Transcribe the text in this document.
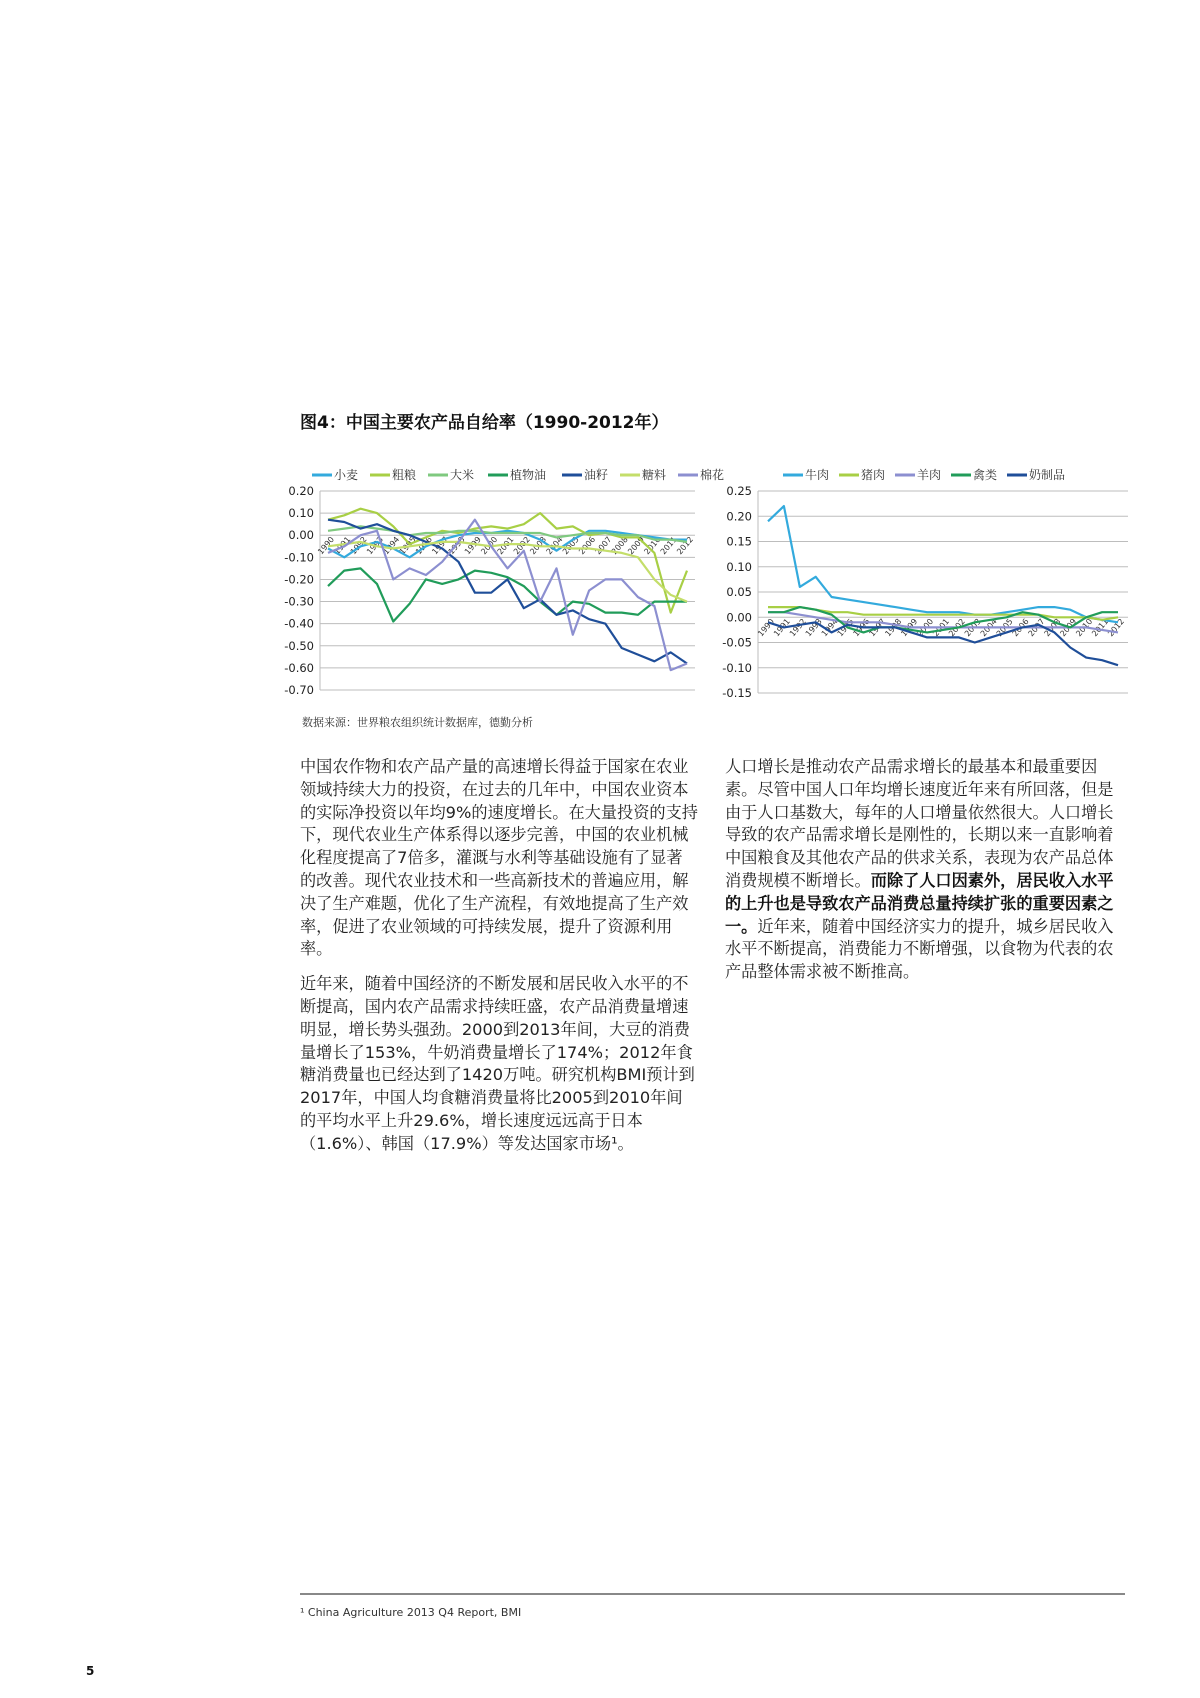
图4：中国主要农产品自给率（1990-2012年）
小麦	粗粮	大米	植物油	油籽	糖料	棉花
0.20
0.10
0.00
-0.10
-0.20
-0.30
-0.40
-0.50
-0.60
-0.70
1990
1991
1992
1993
1994
1995
1996
1997
1998
1999
2000
2001
2002
2003
2004
2005
2006
2007
2008
2009
2010
2011
2012
牛肉	猪肉	羊肉	禽类	奶制品
0.25
0.20
0.15
0.10
0.05
0.00
-0.05
-0.10
-0.15
1990
1991
1992
1993
1994
1995
1996
1997
1998
1999
2000
2001
2002
2003
2004
2005
2006
2007
2008
2009
2010
2011
2012
数据来源：世界粮农组织统计数据库，德勤分析

中国农作物和农产品产量的高速增长得益于国家在农业领域持续大力的投资，在过去的几年中，中国农业资本的实际净投资以年均9%的速度增长。在大量投资的支持下，现代农业生产体系得以逐步完善，中国的农业机械化程度提高了7倍多，灌溉与水利等基础设施有了显著的改善。现代农业技术和一些高新技术的普遍应用，解决了生产难题，优化了生产流程，有效地提高了生产效率，促进了农业领域的可持续发展，提升了资源利用率。

近年来，随着中国经济的不断发展和居民收入水平的不断提高，国内农产品需求持续旺盛，农产品消费量增速明显，增长势头强劲。2000到2013年间，大豆的消费量增长了153%，牛奶消费量增长了174%；2012年食糖消费量也已经达到了1420万吨。研究机构BMI预计到2017年，中国人均食糖消费量将比2005到2010年间的平均水平上升29.6%，增长速度远远高于日本（1.6%）、韩国（17.9%）等发达国家市场¹。

人口增长是推动农产品需求增长的最基本和最重要因素。尽管中国人口年均增长速度近年来有所回落，但是由于人口基数大，每年的人口增量依然很大。人口增长导致的农产品需求增长是刚性的，长期以来一直影响着中国粮食及其他农产品的供求关系，表现为农产品总体消费规模不断增长。而除了人口因素外，居民收入水平的上升也是导致农产品消费总量持续扩张的重要因素之一。近年来，随着中国经济实力的提升，城乡居民收入水平不断提高，消费能力不断增强，以食物为代表的农产品整体需求被不断推高。

¹ China Agriculture 2013 Q4 Report, BMI
5
